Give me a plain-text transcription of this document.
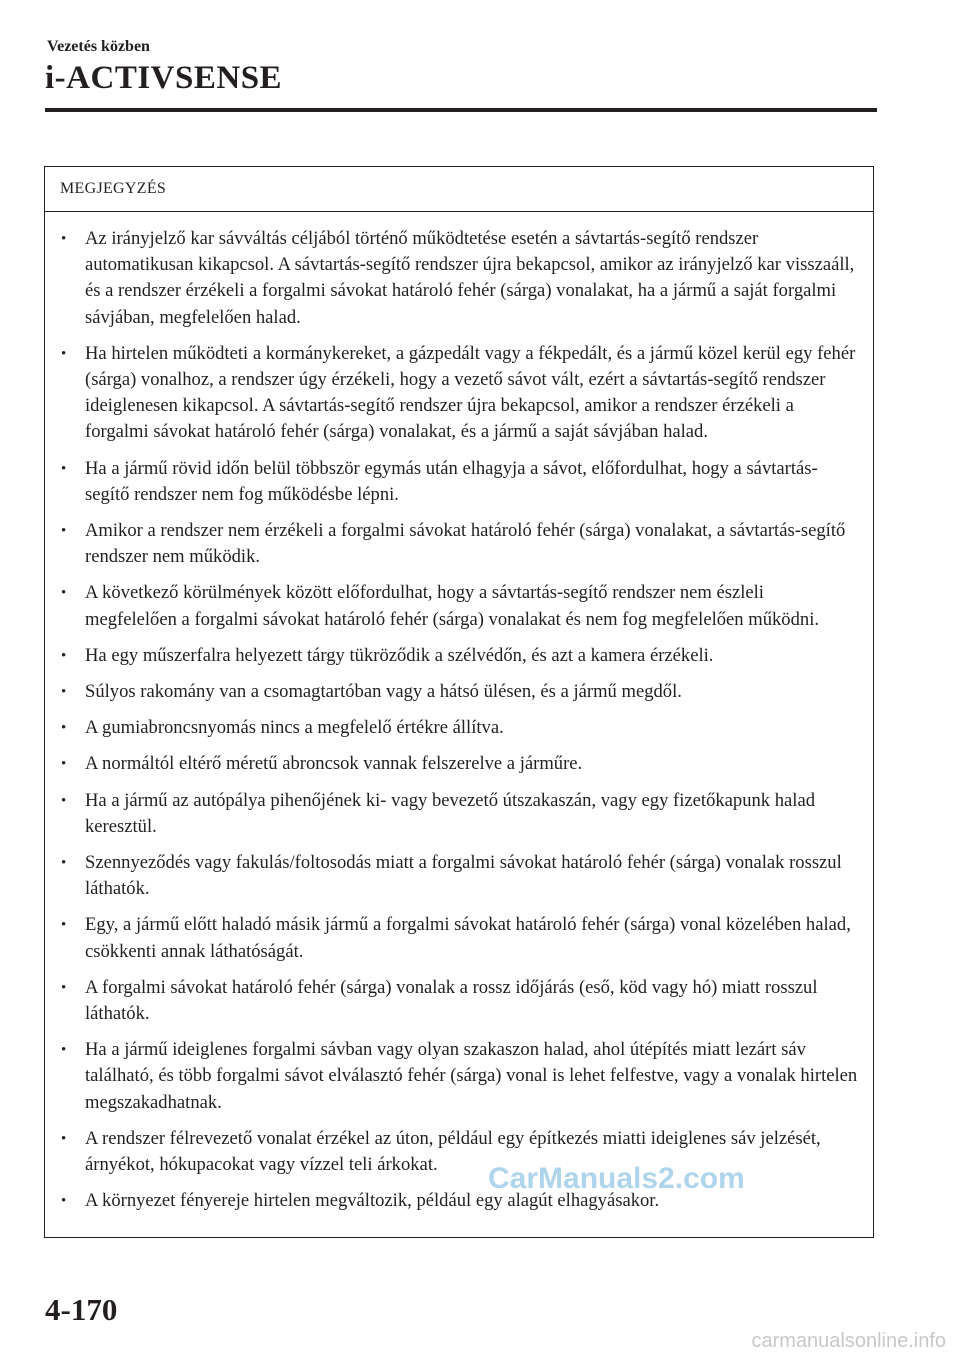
Vezetés közben
i-ACTIVSENSE
MEGJEGYZÉS
• Az irányjelző kar sávváltás céljából történő működtetése esetén a sávtartás-segítő rendszer automatikusan kikapcsol. A sávtartás-segítő rendszer újra bekapcsol, amikor az irányjelző kar visszaáll, és a rendszer érzékeli a forgalmi sávokat határoló fehér (sárga) vonalakat, ha a jármű a saját forgalmi sávjában, megfelelően halad.
• Ha hirtelen működteti a kormánykereket, a gázpedált vagy a fékpedált, és a jármű közel kerül egy fehér (sárga) vonalhoz, a rendszer úgy érzékeli, hogy a vezető sávot vált, ezért a sávtartás-segítő rendszer ideiglenesen kikapcsol. A sávtartás-segítő rendszer újra bekapcsol, amikor a rendszer érzékeli a forgalmi sávokat határoló fehér (sárga) vonalakat, és a jármű a saját sávjában halad.
• Ha a jármű rövid időn belül többször egymás után elhagyja a sávot, előfordulhat, hogy a sávtartás-segítő rendszer nem fog működésbe lépni.
• Amikor a rendszer nem érzékeli a forgalmi sávokat határoló fehér (sárga) vonalakat, a sávtartás-segítő rendszer nem működik.
• A következő körülmények között előfordulhat, hogy a sávtartás-segítő rendszer nem észleli megfelelően a forgalmi sávokat határoló fehér (sárga) vonalakat és nem fog megfelelően működni.
• Ha egy műszerfalra helyezett tárgy tükröződik a szélvédőn, és azt a kamera érzékeli.
• Súlyos rakomány van a csomagtartóban vagy a hátsó ülésen, és a jármű megdől.
• A gumiabroncsnyomás nincs a megfelelő értékre állítva.
• A normáltól eltérő méretű abroncsok vannak felszerelve a járműre.
• Ha a jármű az autópálya pihenőjének ki- vagy bevezető útszakaszán, vagy egy fizetőkapunk halad keresztül.
• Szennyeződés vagy fakulás/foltosodás miatt a forgalmi sávokat határoló fehér (sárga) vonalak rosszul láthatók.
• Egy, a jármű előtt haladó másik jármű a forgalmi sávokat határoló fehér (sárga) vonal közelében halad, csökkenti annak láthatóságát.
• A forgalmi sávokat határoló fehér (sárga) vonalak a rossz időjárás (eső, köd vagy hó) miatt rosszul láthatók.
• Ha a jármű ideiglenes forgalmi sávban vagy olyan szakaszon halad, ahol útépítés miatt lezárt sáv található, és több forgalmi sávot elválasztó fehér (sárga) vonal is lehet felfestve, vagy a vonalak hirtelen megszakadhatnak.
• A rendszer félrevezető vonalat érzékel az úton, például egy építkezés miatti ideiglenes sáv jelzését, árnyékot, hókupacokat vagy vízzel teli árkokat.
• A környezet fényereje hirtelen megváltozik, például egy alagút elhagyásakor.
CarManuals2.com
4-170
carmanualsonline.info
